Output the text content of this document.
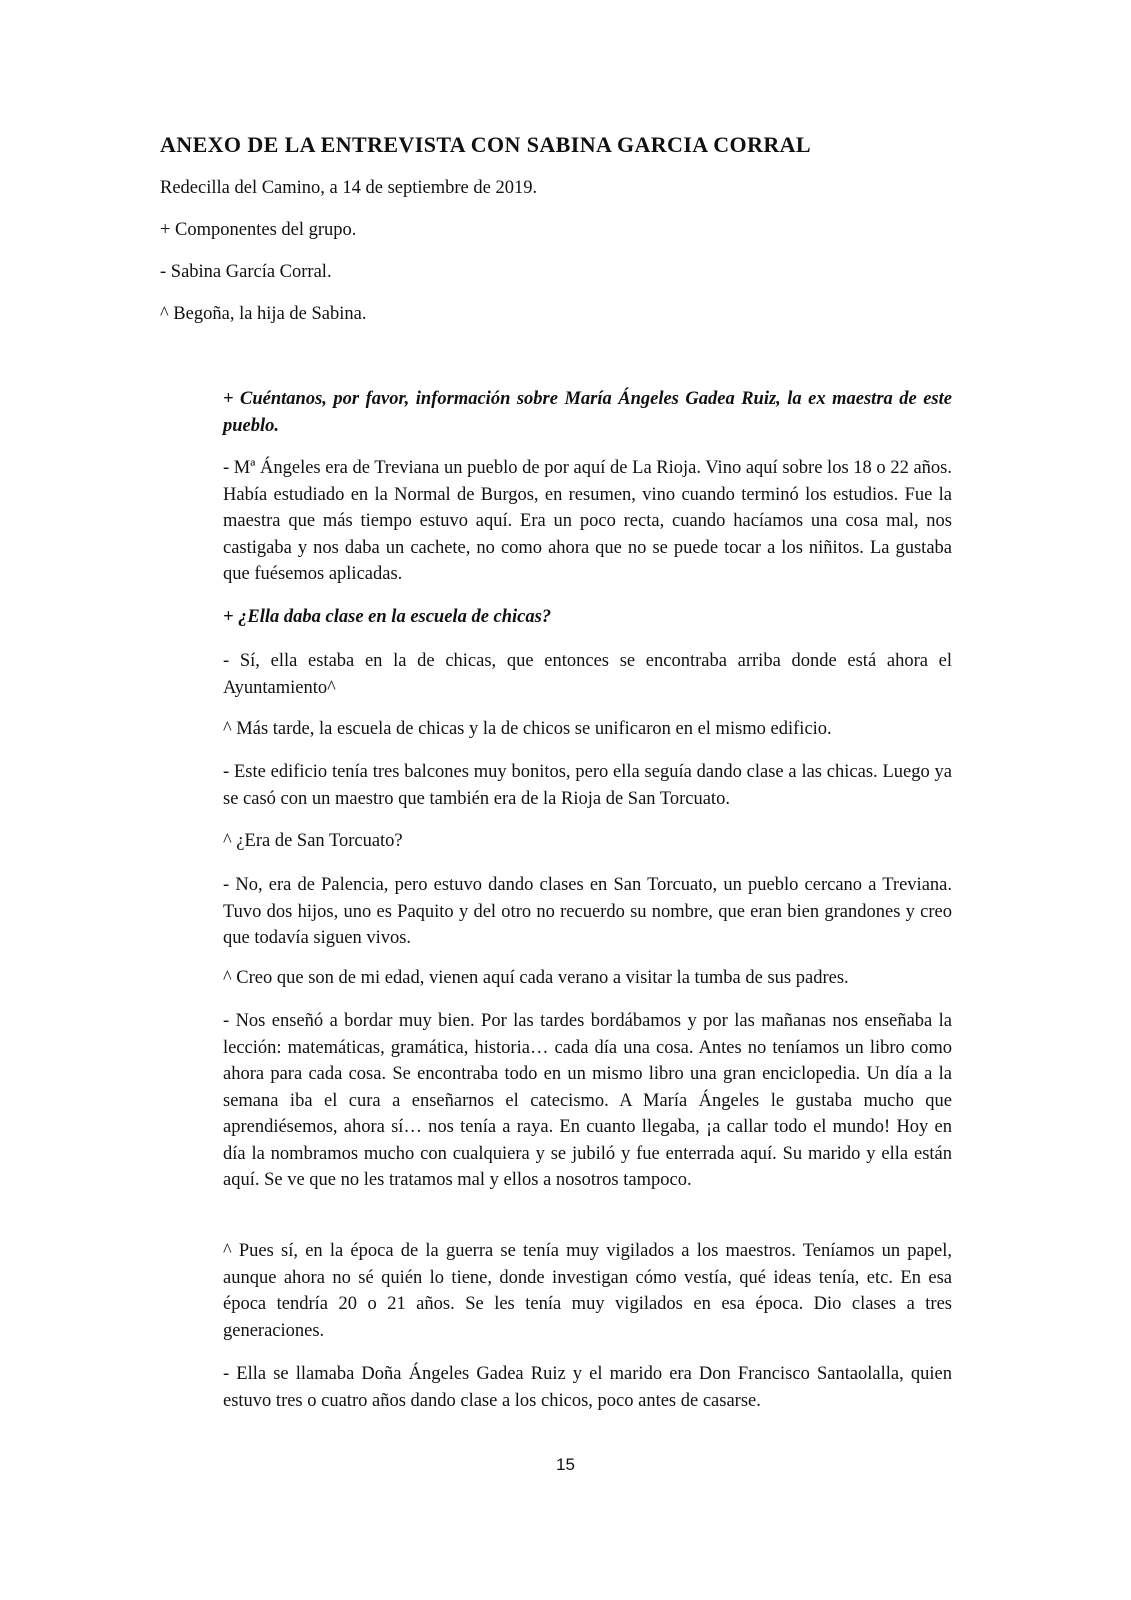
ANEXO DE LA ENTREVISTA CON SABINA GARCIA CORRAL
Redecilla del Camino, a 14 de septiembre de 2019.
+ Componentes del grupo.
- Sabina García Corral.
^ Begoña, la hija de Sabina.
+ Cuéntanos, por favor, información sobre María Ángeles Gadea Ruiz, la ex maestra de este pueblo.
- Mª Ángeles era de Treviana un pueblo de por aquí de La Rioja. Vino aquí sobre los 18 o 22 años. Había estudiado en la Normal de Burgos, en resumen, vino cuando terminó los estudios. Fue la maestra que más tiempo estuvo aquí. Era un poco recta, cuando hacíamos una cosa mal, nos castigaba y nos daba un cachete, no como ahora que no se puede tocar a los niñitos. La gustaba que fuésemos aplicadas.
+ ¿Ella daba clase en la escuela de chicas?
- Sí, ella estaba en la de chicas, que entonces se encontraba arriba donde está ahora el Ayuntamiento^
^ Más tarde, la escuela de chicas y la de chicos se unificaron en el mismo edificio.
- Este edificio tenía tres balcones muy bonitos, pero ella seguía dando clase a las chicas. Luego ya se casó con un maestro que también era de la Rioja de San Torcuato.
^ ¿Era de San Torcuato?
- No, era de Palencia, pero estuvo dando clases en San Torcuato, un pueblo cercano a Treviana. Tuvo dos hijos, uno es Paquito y del otro no recuerdo su nombre, que eran bien grandones y creo que todavía siguen vivos.
^ Creo que son de mi edad, vienen aquí cada verano a visitar la tumba de sus padres.
- Nos enseñó a bordar muy bien. Por las tardes bordábamos y por las mañanas nos enseñaba la lección: matemáticas, gramática, historia… cada día una cosa. Antes no teníamos un libro como ahora para cada cosa. Se encontraba todo en un mismo libro una gran enciclopedia. Un día a la semana iba el cura a enseñarnos el catecismo. A María Ángeles le gustaba mucho que aprendiésemos, ahora sí… nos tenía a raya. En cuanto llegaba, ¡a callar todo el mundo! Hoy en día la nombramos mucho con cualquiera y se jubiló y fue enterrada aquí. Su marido y ella están aquí. Se ve que no les tratamos mal y ellos a nosotros tampoco.
^ Pues sí, en la época de la guerra se tenía muy vigilados a los maestros. Teníamos un papel, aunque ahora no sé quién lo tiene, donde investigan cómo vestía, qué ideas tenía, etc. En esa época tendría 20 o 21 años. Se les tenía muy vigilados en esa época. Dio clases a tres generaciones.
- Ella se llamaba Doña Ángeles Gadea Ruiz y el marido era Don Francisco Santaolalla, quien estuvo tres o cuatro años dando clase a los chicos, poco antes de casarse.
15
